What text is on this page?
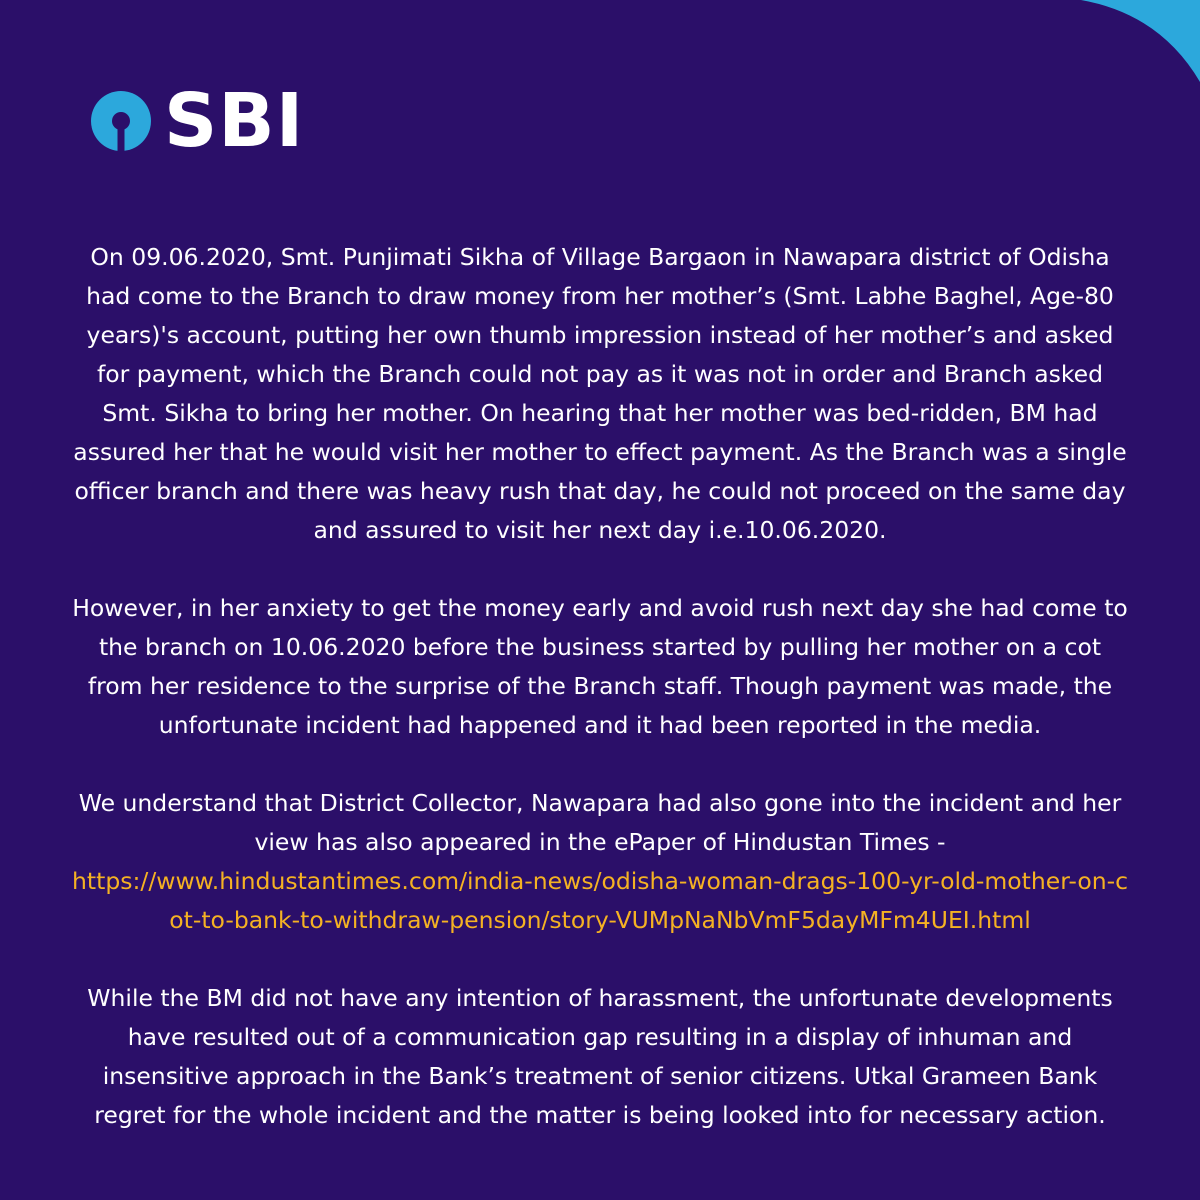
SBI

On 09.06.2020, Smt. Punjimati Sikha of Village Bargaon in Nawapara district of Odisha had come to the Branch to draw money from her mother’s (Smt. Labhe Baghel, Age-80 years)'s account, putting her own thumb impression instead of her mother’s and asked for payment, which the Branch could not pay as it was not in order and Branch asked Smt. Sikha to bring her mother. On hearing that her mother was bed-ridden, BM had assured her that he would visit her mother to effect payment. As the Branch was a single officer branch and there was heavy rush that day, he could not proceed on the same day and assured to visit her next day i.e.10.06.2020.

However, in her anxiety to get the money early and avoid rush next day she had come to the branch on 10.06.2020 before the business started by pulling her mother on a cot from her residence to the surprise of the Branch staff. Though payment was made, the unfortunate incident had happened and it had been reported in the media.

We understand that District Collector, Nawapara had also gone into the incident and her view has also appeared in the ePaper of Hindustan Times -
https://www.hindustantimes.com/india-news/odisha-woman-drags-100-yr-old-mother-on-cot-to-bank-to-withdraw-pension/story-VUMpNaNbVmF5dayMFm4UEI.html

While the BM did not have any intention of harassment, the unfortunate developments have resulted out of a communication gap resulting in a display of inhuman and insensitive approach in the Bank’s treatment of senior citizens. Utkal Grameen Bank regret for the whole incident and the matter is being looked into for necessary action.
